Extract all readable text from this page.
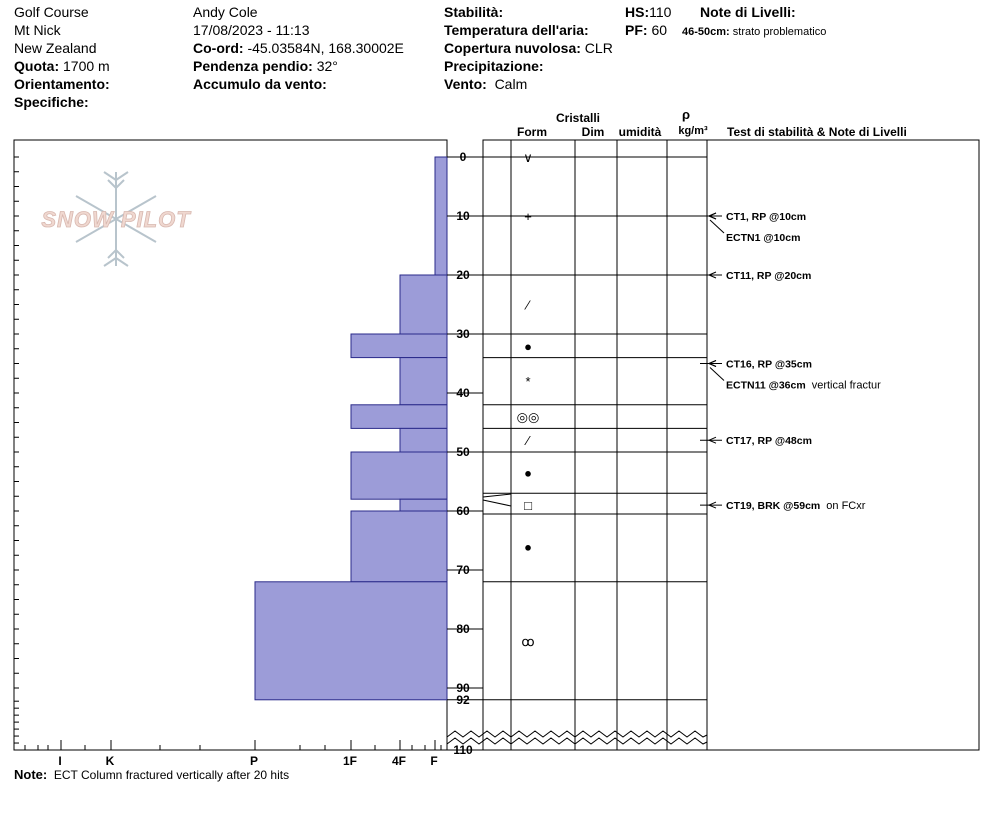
Golf Course
Mt Nick
New Zealand
Quota: 1700 m
Orientamento:
Specifiche:
Andy Cole
17/08/2023 - 11:13
Co-ord: -45.03584N, 168.30002E
Pendenza pendio: 32°
Accumulo da vento:
Stabilità:
Temperatura dell'aria:
Copertura nuvolosa: CLR
Precipitazione:
Vento: Calm
HS:110
PF: 60
Note di Livelli:
46-50cm: strato problematico
Note: ECT Column fractured vertically after 20 hits
SNOW PILOT
I	K	P	1F	4F F
0
10
20
30
40
50
60
70
80
90
92
110
∨
+
⁄
●
*
◎◎
⁄
●
□
●
ꝏ
CT1, RP @10cm
ECTN1 @10cm
CT11, RP @20cm
CT16, RP @35cm
ECTN11 @36cm vertical fractur
CT17, RP @48cm
CT19, BRK @59cm on FCxr
Cristalli
Form	Dim umidità
ρ
kg/m³ Test di stabilità & Note di Livelli
